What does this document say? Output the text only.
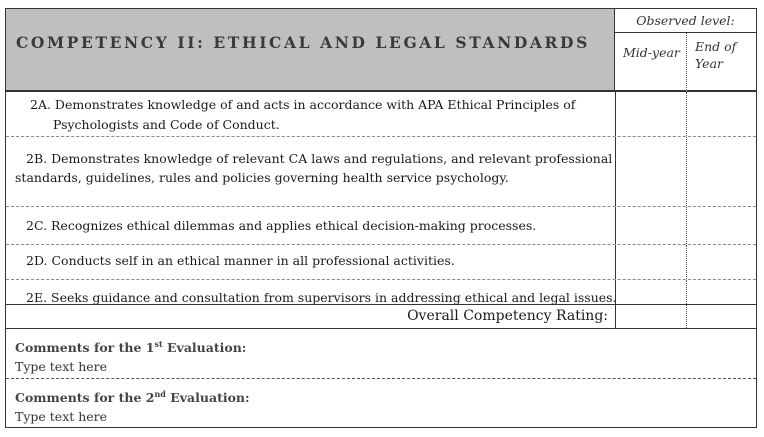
COMPETENCY II: ETHICAL AND LEGAL STANDARDS
Observed level:
Mid-year	End of
Year
2A. Demonstrates knowledge of and acts in accordance with APA Ethical Principles of
Psychologists and Code of Conduct.
2B. Demonstrates knowledge of relevant CA laws and regulations, and relevant professional
standards, guidelines, rules and policies governing health service psychology.
2C. Recognizes ethical dilemmas and applies ethical decision-making processes.
2D. Conducts self in an ethical manner in all professional activities.
2E. Seeks guidance and consultation from supervisors in addressing ethical and legal issues.
Overall Competency Rating:
Comments for the 1st Evaluation:
Type text here
Comments for the 2nd Evaluation:
Type text here
